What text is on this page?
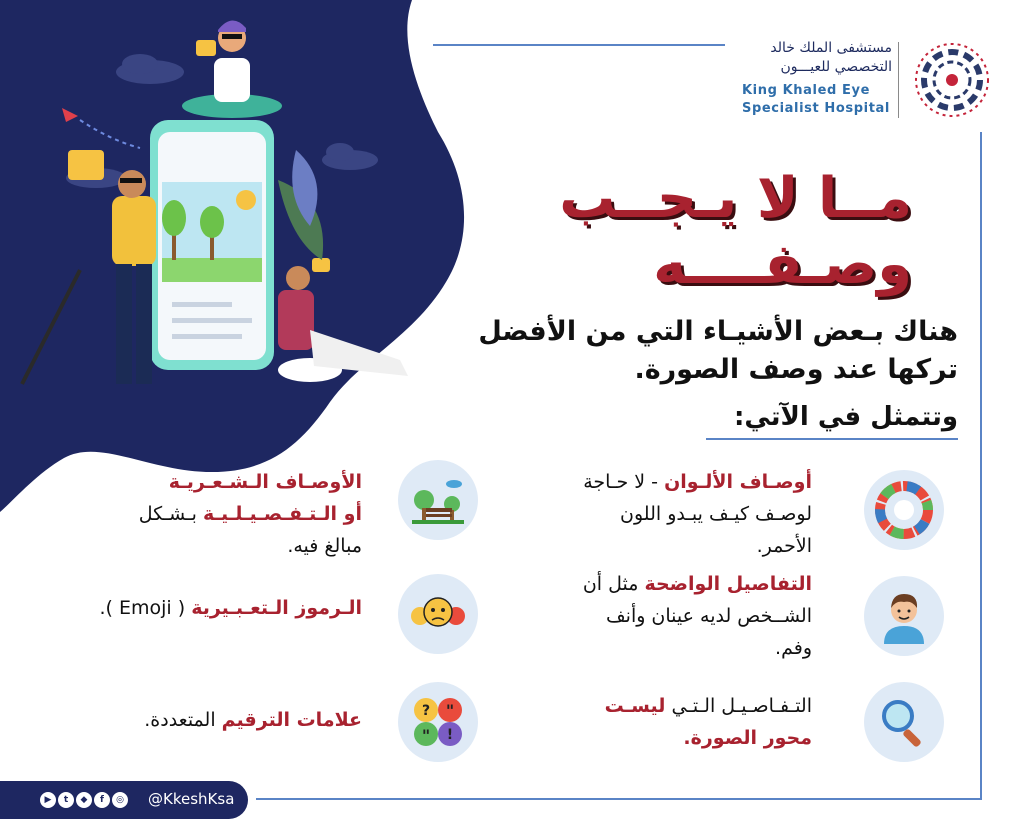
مستشفى الملك خالد
التخصصي للعيـــون
King Khaled Eye
Specialist Hospital
مــا لا يـجــب
وصـفــــه
هناك بـعض الأشيـاء التي من الأفضل
تركها عند وصف الصورة.
وتتمثل في الآتي:
أوصـاف الألـوان - لا حـاجة
لوصـف كيـف يبـدو اللون
الأحمر.
التفاصيل الواضحة مثل أن
الشــخص لديه عينان وأنف
وفم.
التـفـاصـيـل الـتـي ليسـت
محور الصورة.
الأوصـاف الـشـعـريـة
أو الـتـفـصـيـلـيـة بـشـكل
مبالغ فيه.
الـرموز الـتعـبـيرية ( Emoji ).
? "
" !
علامات الترقيم المتعددة.
▶	t	◆	f	◎ @KkeshKsa
